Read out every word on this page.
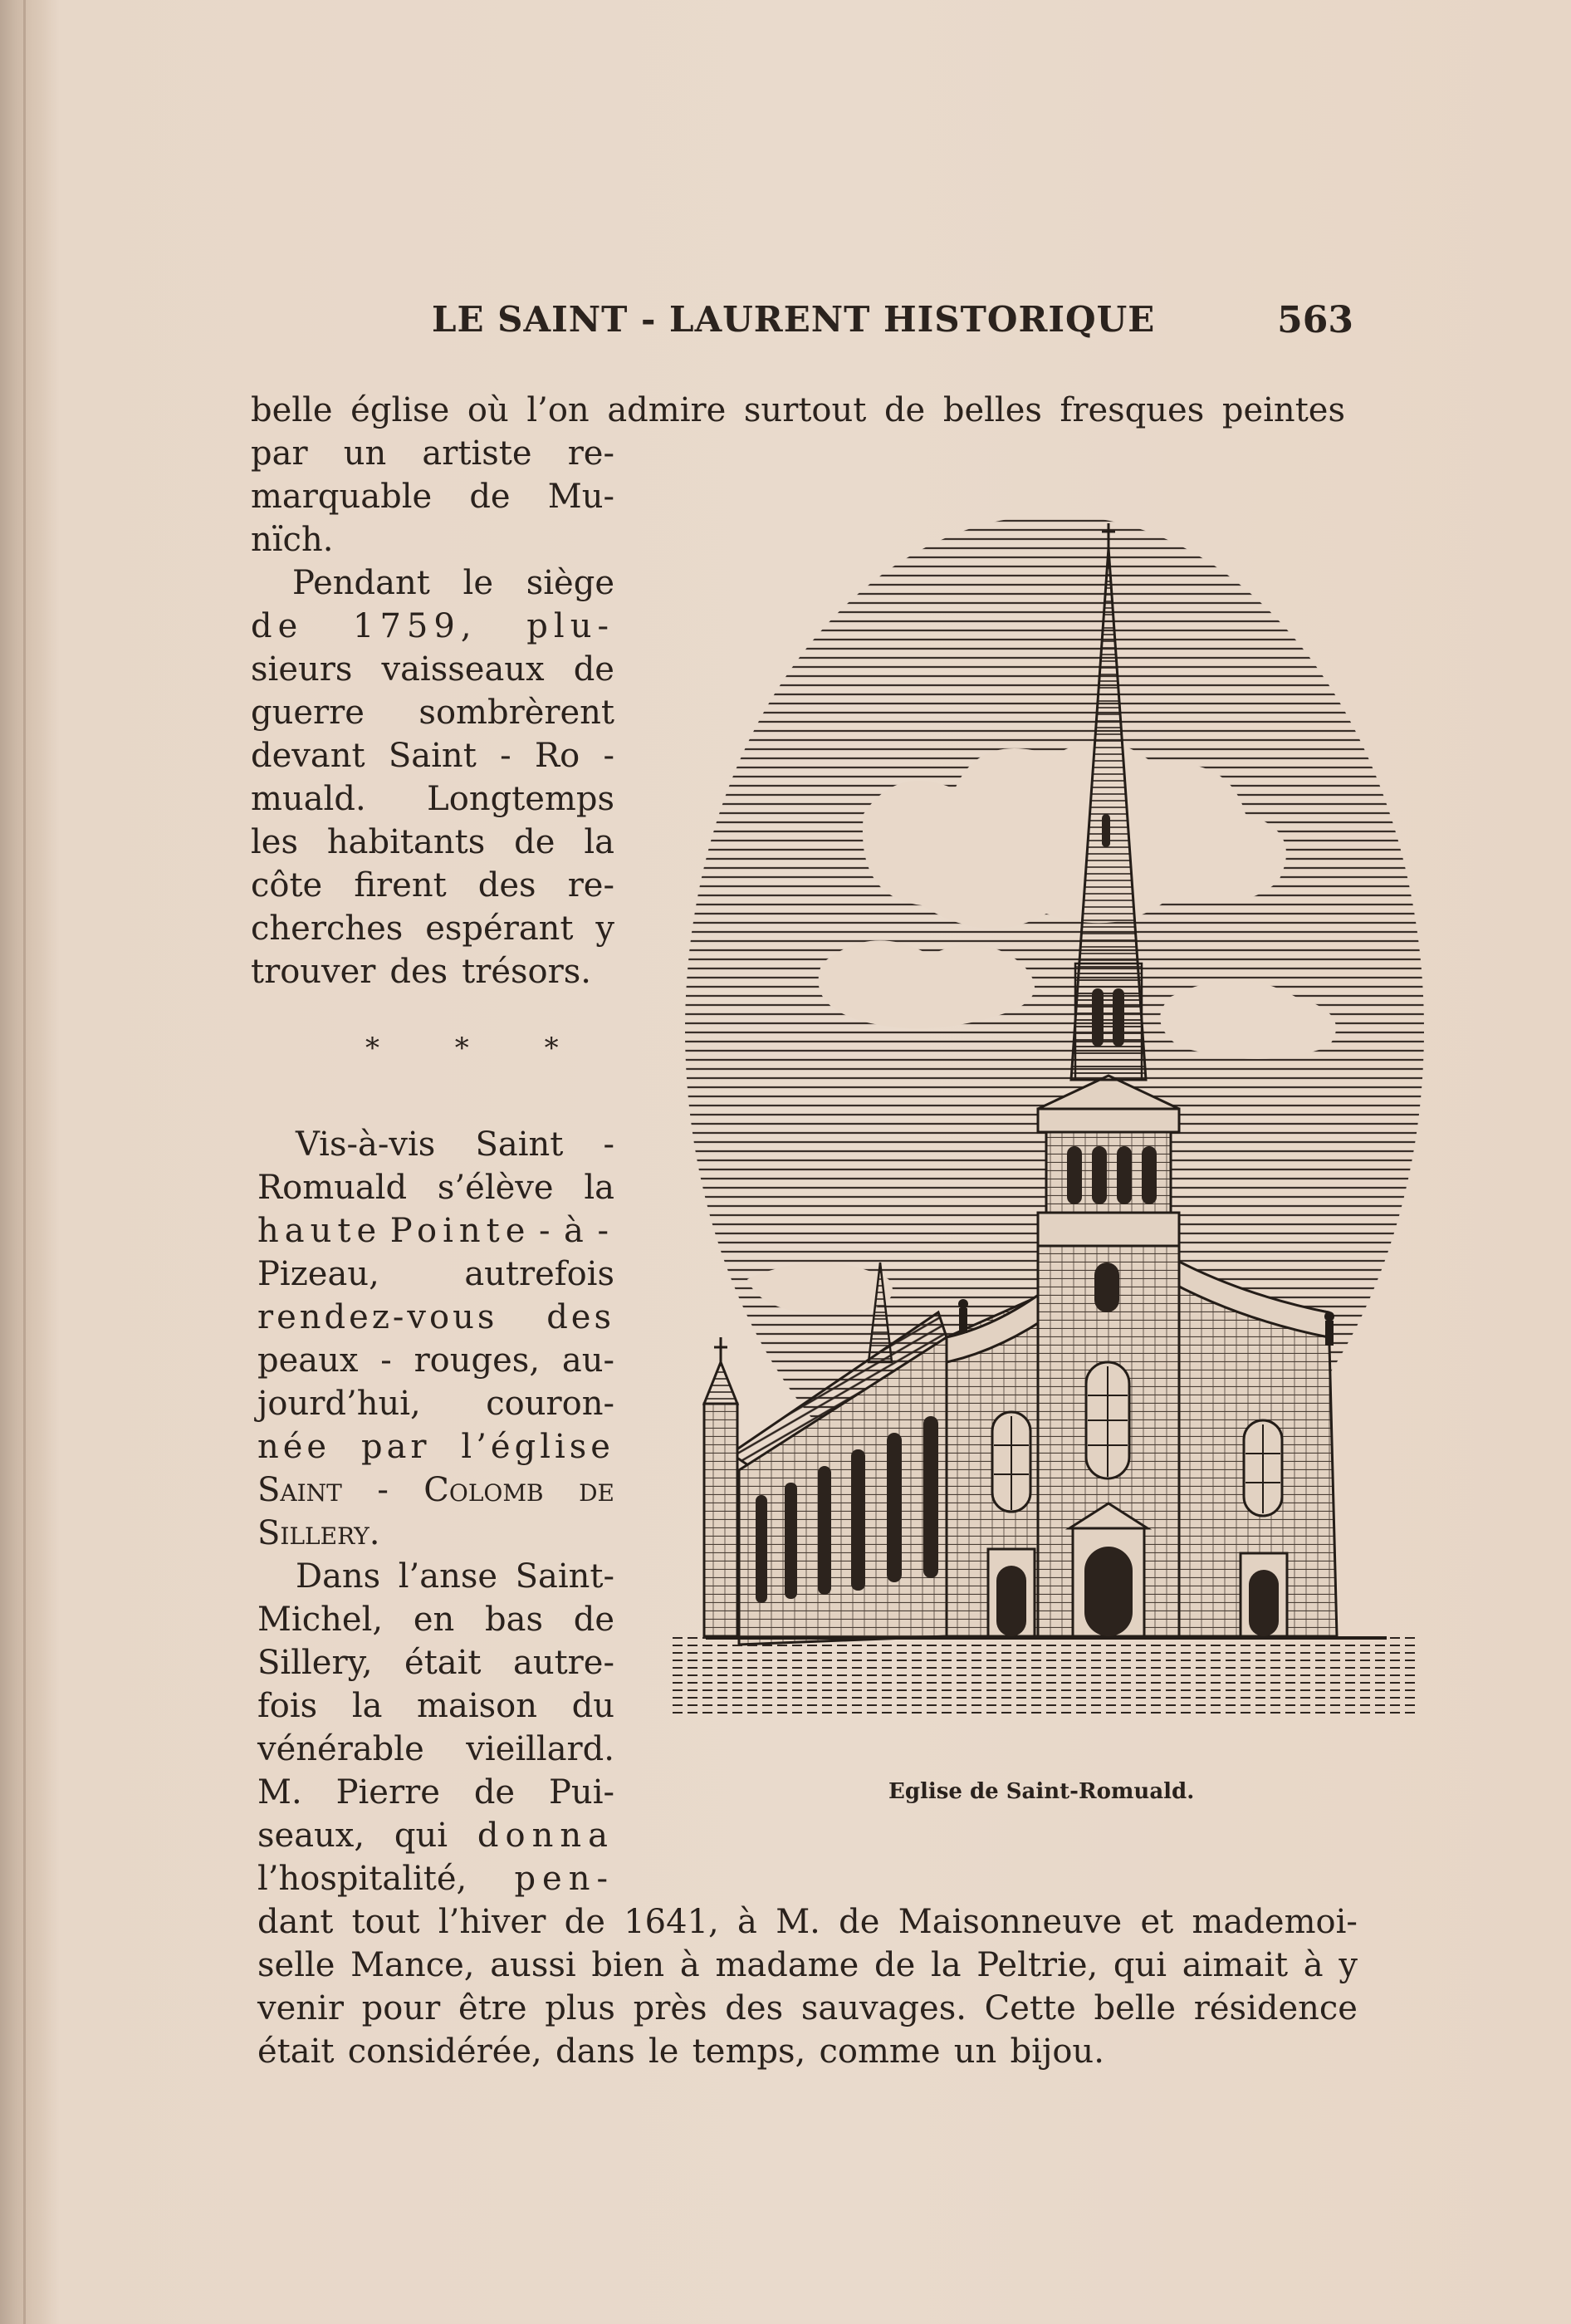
LE SAINT - LAURENT HISTORIQUE	563
belle église où l’on admire surtout de belles fresques peintes
par un artiste re-
marquable de Mu-
nïch.
Pendant le siège
de 1759, plu-
sieurs vaisseaux de
guerre sombrèrent
devant Saint - Ro -
muald. Longtemps
les habitants de la
côte firent des re-
cherches espérant y
trouver des trésors.
* * *
Vis-à-vis Saint -
Romuald s’élève la
haute Pointe - à -
Pizeau,	autrefois
rendez-vous des
peaux - rouges, au-
jourd’hui, couron-
née par l’église
Saint - Colomb de
Sillery.
Dans l’anse Saint-
Michel, en bas de
Sillery, était autre-
fois la maison du
vénérable vieillard.
M. Pierre de Pui-
seaux, qui donna
l’hospitalité, pen-
dant tout l’hiver de 1641, à M. de Maisonneuve et mademoi-
selle Mance, aussi bien à madame de la Peltrie, qui aimait à y
venir pour être plus près des sauvages. Cette belle résidence
était considérée, dans le temps, comme un bijou.
Eglise de Saint-Romuald.
